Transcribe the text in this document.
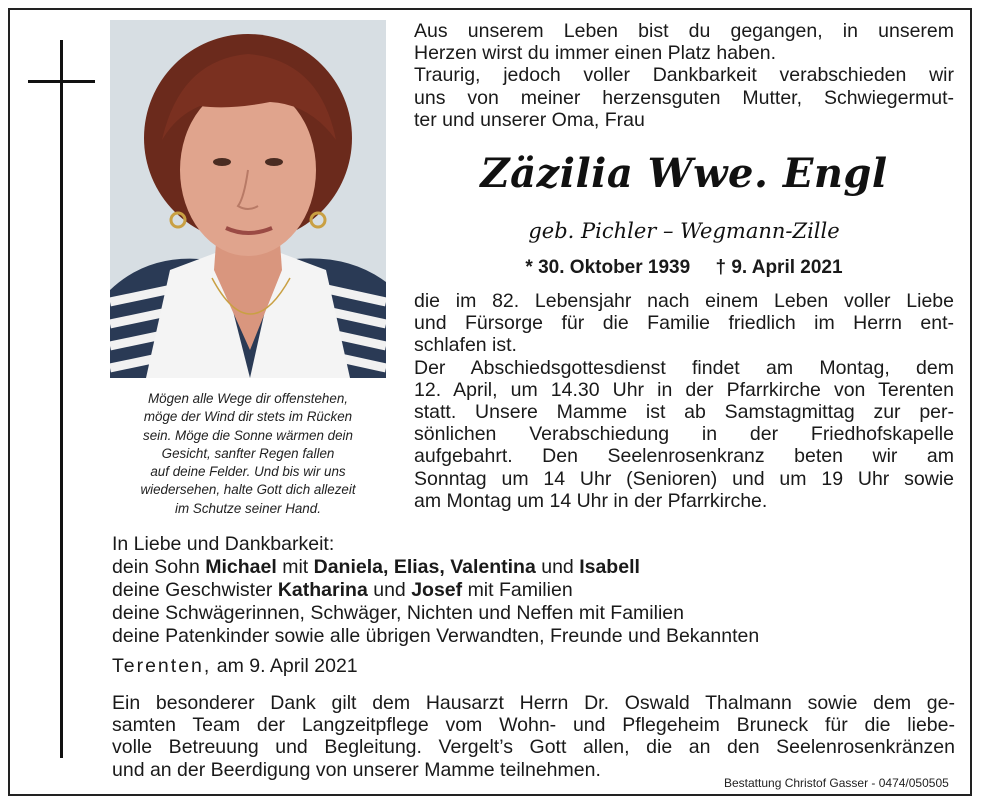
Mögen alle Wege dir offenstehen,
möge der Wind dir stets im Rücken
sein. Möge die Sonne wärmen dein
Gesicht, sanfter Regen fallen
auf deine Felder. Und bis wir uns
wiedersehen, halte Gott dich allezeit
im Schutze seiner Hand.
Aus unserem Leben bist du gegangen, in unserem
Herzen wirst du immer einen Platz haben.
Traurig, jedoch voller Dankbarkeit verabschieden wir
uns von meiner herzensguten Mutter, Schwiegermut-
ter und unserer Oma, Frau
Zäzilia Wwe. Engl
geb. Pichler – Wegmann-Zille
* 30. Oktober 1939 † 9. April 2021
die im 82. Lebensjahr nach einem Leben voller Liebe
und Fürsorge für die Familie friedlich im Herrn ent-
schlafen ist.
Der Abschiedsgottesdienst findet am Montag, dem
12. April, um 14.30 Uhr in der Pfarrkirche von Terenten
statt. Unsere Mamme ist ab Samstagmittag zur per-
sönlichen Verabschiedung in der Friedhofskapelle
aufgebahrt. Den Seelenrosenkranz beten wir am
Sonntag um 14 Uhr (Senioren) und um 19 Uhr sowie
am Montag um 14 Uhr in der Pfarrkirche.
In Liebe und Dankbarkeit:
dein Sohn Michael mit Daniela, Elias, Valentina und Isabell
deine Geschwister Katharina und Josef mit Familien
deine Schwägerinnen, Schwäger, Nichten und Neffen mit Familien
deine Patenkinder sowie alle übrigen Verwandten, Freunde und Bekannten
Terenten, am 9. April 2021
Ein besonderer Dank gilt dem Hausarzt Herrn Dr. Oswald Thalmann sowie dem ge-
samten Team der Langzeitpflege vom Wohn- und Pflegeheim Bruneck für die liebe-
volle Betreuung und Begleitung. Vergelt’s Gott allen, die an den Seelenrosenkränzen
und an der Beerdigung von unserer Mamme teilnehmen.
Bestattung Christof Gasser - 0474/050505
